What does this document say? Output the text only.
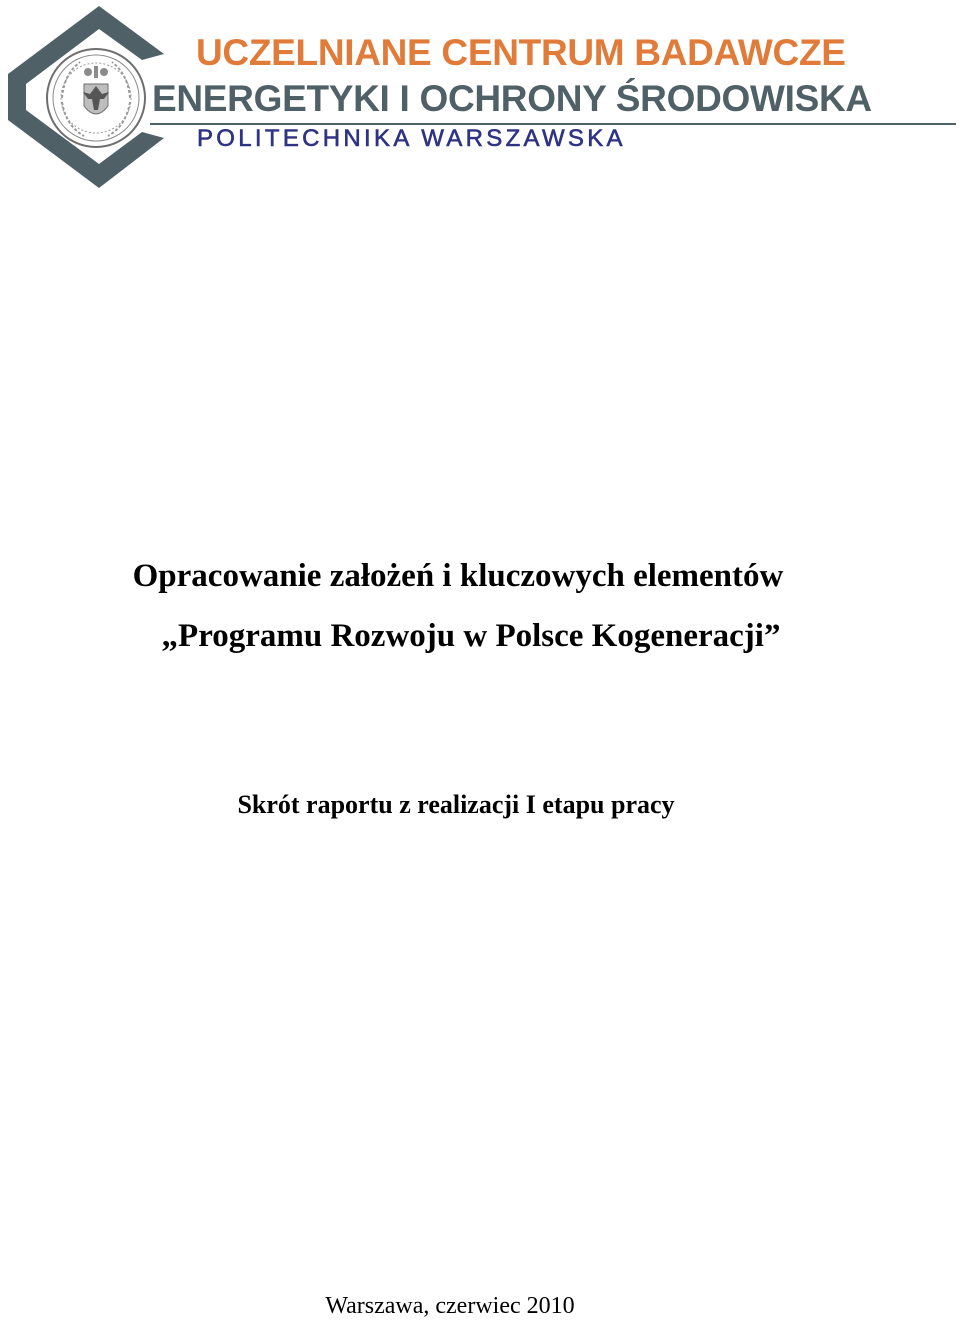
UCZELNIANE CENTRUM BADAWCZE
ENERGETYKI I OCHRONY ŚRODOWISKA
POLITECHNIKA WARSZAWSKA
Opracowanie założeń i kluczowych elementów
„Programu Rozwoju w Polsce Kogeneracji”
Skrót raportu z realizacji I etapu pracy
Warszawa, czerwiec 2010
